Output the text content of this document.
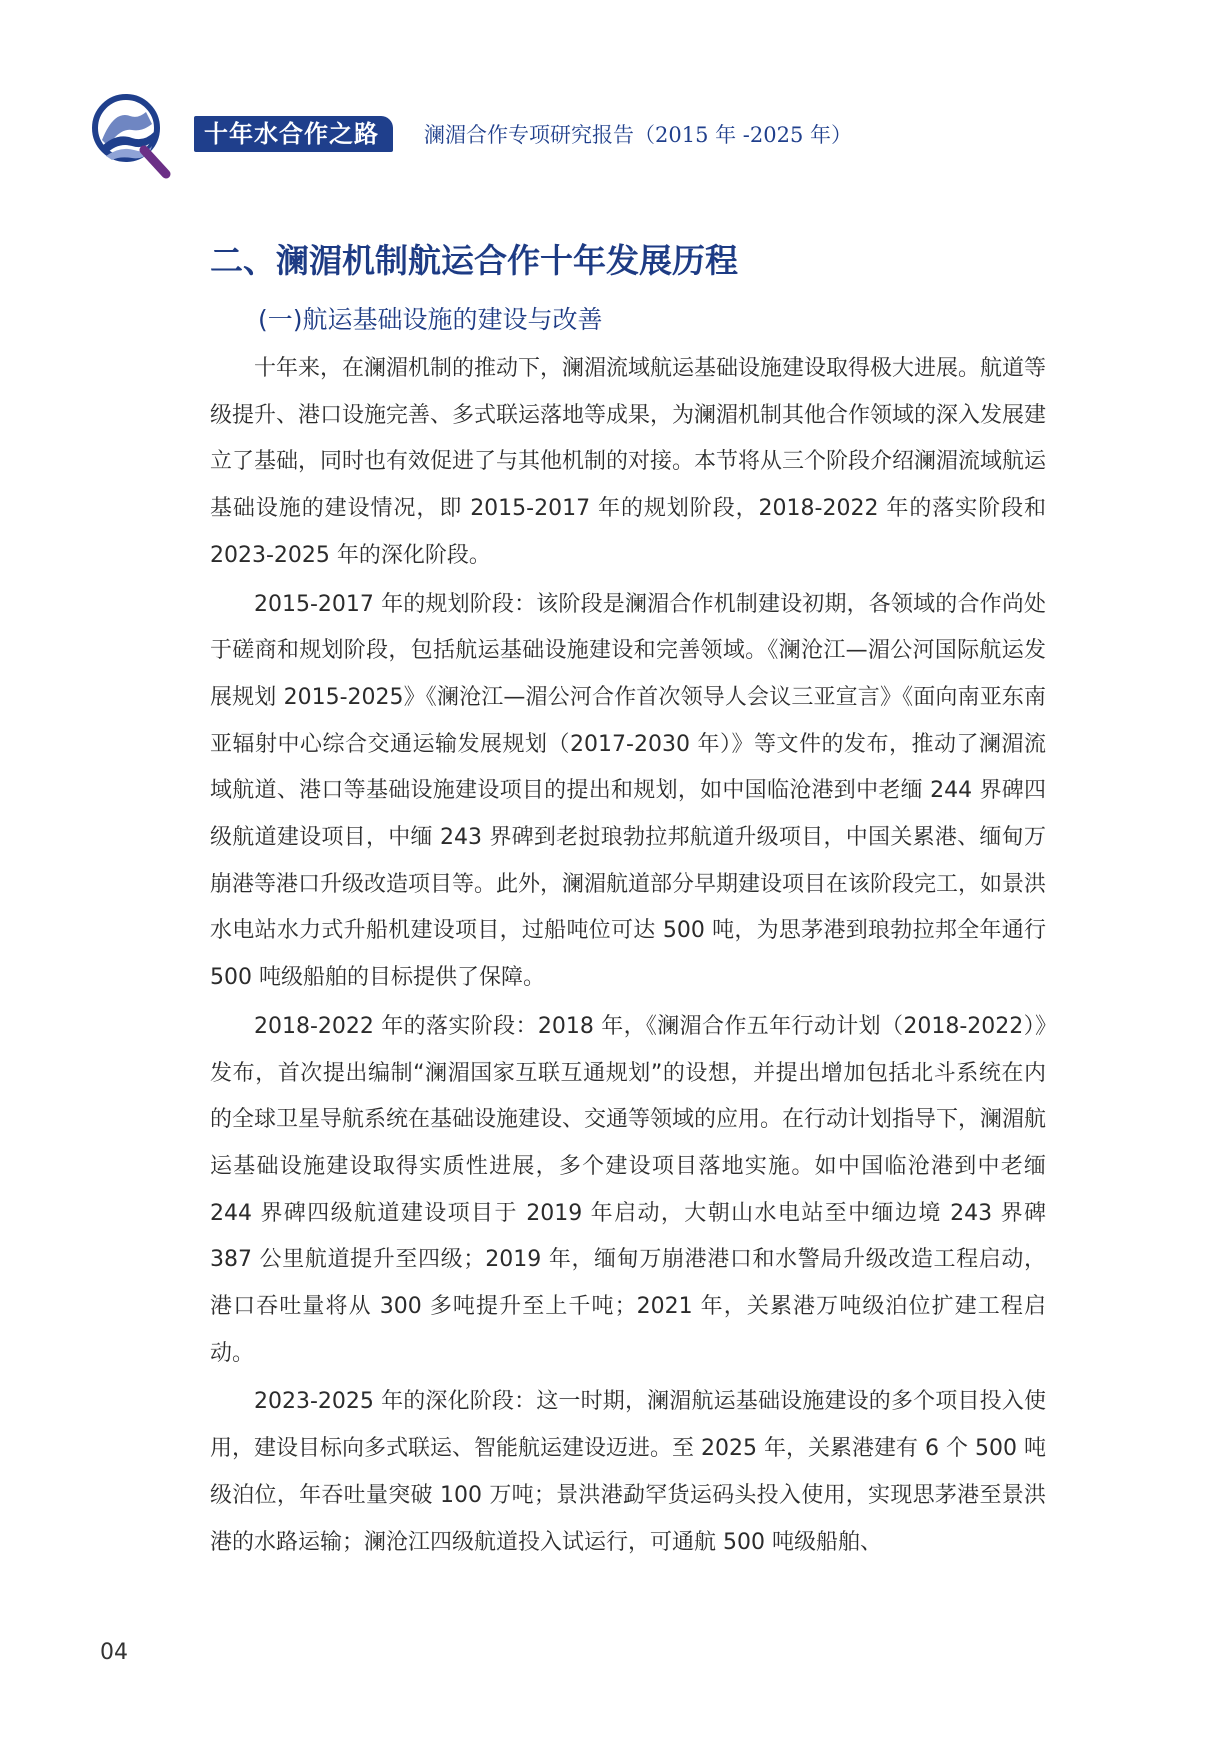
十年水合作之路	澜湄合作专项研究报告（2015 年 -2025 年）
二、澜湄机制航运合作十年发展历程
(一)航运基础设施的建设与改善

十年来，在澜湄机制的推动下，澜湄流域航运基础设施建设取得极大进展。航道等级提升、港口设施完善、多式联运落地等成果，为澜湄机制其他合作领域的深入发展建立了基础，同时也有效促进了与其他机制的对接。本节将从三个阶段介绍澜湄流域航运基础设施的建设情况，即 2015-2017 年的规划阶段，2018-2022 年的落实阶段和 2023-2025 年的深化阶段。

2015-2017 年的规划阶段：该阶段是澜湄合作机制建设初期，各领域的合作尚处于磋商和规划阶段，包括航运基础设施建设和完善领域。《澜沧江—湄公河国际航运发展规划 2015-2025》《澜沧江—湄公河合作首次领导人会议三亚宣言》《面向南亚东南亚辐射中心综合交通运输发展规划（2017-2030 年）》等文件的发布，推动了澜湄流域航道、港口等基础设施建设项目的提出和规划，如中国临沧港到中老缅 244 界碑四级航道建设项目，中缅 243 界碑到老挝琅勃拉邦航道升级项目，中国关累港、缅甸万崩港等港口升级改造项目等。此外，澜湄航道部分早期建设项目在该阶段完工，如景洪水电站水力式升船机建设项目，过船吨位可达 500 吨，为思茅港到琅勃拉邦全年通行 500 吨级船舶的目标提供了保障。

2018-2022 年的落实阶段：2018 年，《澜湄合作五年行动计划（2018-2022）》发布，首次提出编制“澜湄国家互联互通规划”的设想，并提出增加包括北斗系统在内的全球卫星导航系统在基础设施建设、交通等领域的应用。在行动计划指导下，澜湄航运基础设施建设取得实质性进展，多个建设项目落地实施。如中国临沧港到中老缅 244 界碑四级航道建设项目于 2019 年启动，大朝山水电站至中缅边境 243 界碑 387 公里航道提升至四级；2019 年，缅甸万崩港港口和水警局升级改造工程启动，港口吞吐量将从 300 多吨提升至上千吨；2021 年，关累港万吨级泊位扩建工程启动。

2023-2025 年的深化阶段：这一时期，澜湄航运基础设施建设的多个项目投入使用，建设目标向多式联运、智能航运建设迈进。至 2025 年，关累港建有 6 个 500 吨级泊位，年吞吐量突破 100 万吨；景洪港勐罕货运码头投入使用，实现思茅港至景洪港的水路运输；澜沧江四级航道投入试运行，可通航 500 吨级船舶、

04
